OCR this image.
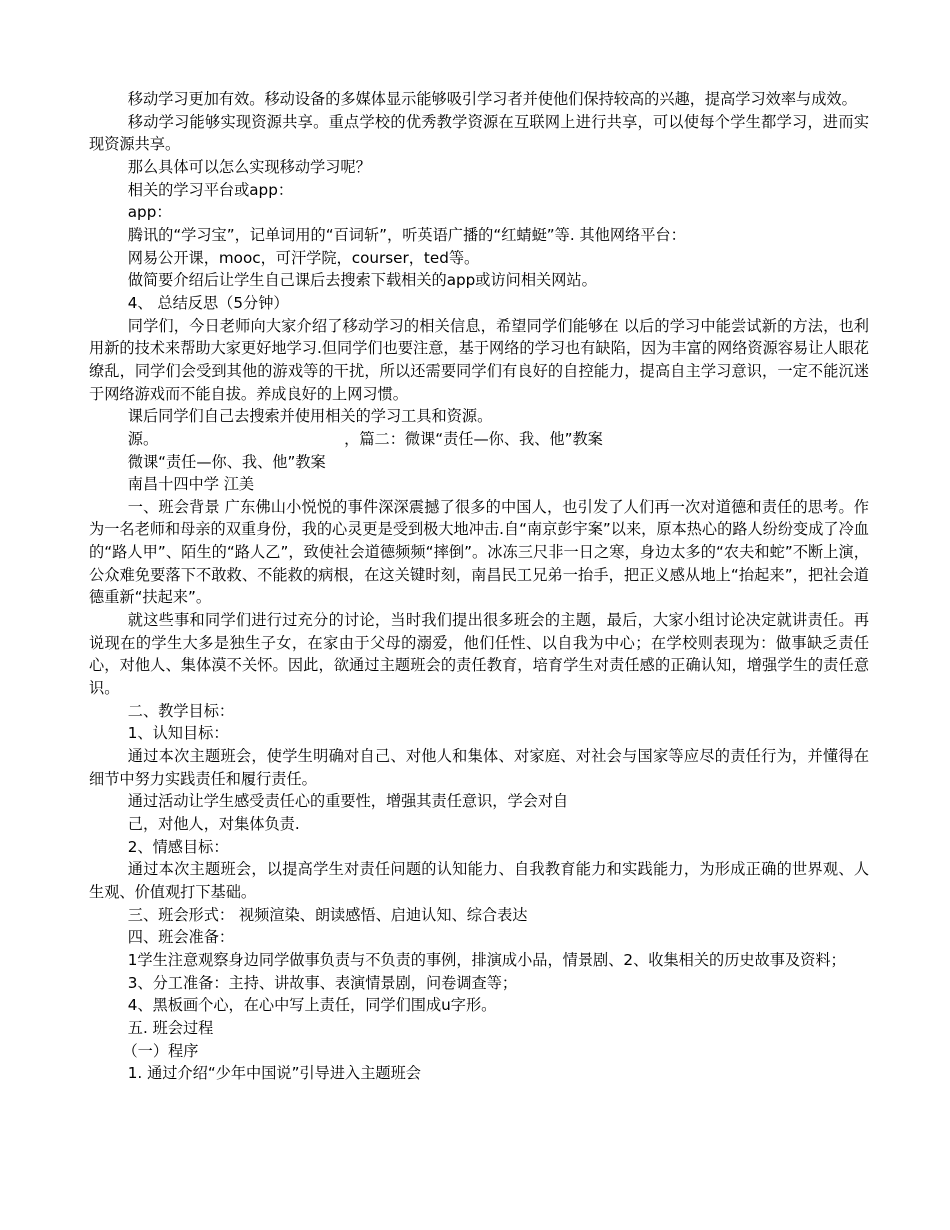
移动学习更加有效。移动设备的多媒体显示能够吸引学习者并使他们保持较高的兴趣，提高学习效率与成效。

移动学习能够实现资源共享。重点学校的优秀教学资源在互联网上进行共享，可以使每个学生都学习，进而实现资源共享。

那么具体可以怎么实现移动学习呢？

相关的学习平台或app：

app：

腾讯的“学习宝”，记单词用的“百词斩”，听英语广播的“红蜻蜓”等. 其他网络平台：

网易公开课，mooc，可汗学院，courser，ted等。

做简要介绍后让学生自己课后去搜索下载相关的app或访问相关网站。

4、 总结反思（5分钟）

同学们，今日老师向大家介绍了移动学习的相关信息，希望同学们能够在 以后的学习中能尝试新的方法，也利用新的技术来帮助大家更好地学习.但同学们也要注意，基于网络的学习也有缺陷，因为丰富的网络资源容易让人眼花缭乱，同学们会受到其他的游戏等的干扰，所以还需要同学们有良好的自控能力，提高自主学习意识，一定不能沉迷于网络游戏而不能自拔。养成良好的上网习惯。

课后同学们自己去搜索并使用相关的学习工具和资源。

源。	，篇二：微课“责任—你、我、他”教案

微课“责任—你、我、他”教案

南昌十四中学 江美

一、班会背景 广东佛山小悦悦的事件深深震撼了很多的中国人，也引发了人们再一次对道德和责任的思考。作为一名老师和母亲的双重身份，我的心灵更是受到极大地冲击.自“南京彭宇案”以来，原本热心的路人纷纷变成了冷血的“路人甲”、陌生的“路人乙”，致使社会道德频频“摔倒”。冰冻三尺非一日之寒，身边太多的“农夫和蛇”不断上演，公众难免要落下不敢救、不能救的病根，在这关键时刻，南昌民工兄弟一抬手，把正义感从地上“抬起来”，把社会道德重新“扶起来”。

就这些事和同学们进行过充分的讨论，当时我们提出很多班会的主题，最后，大家小组讨论决定就讲责任。再说现在的学生大多是独生子女，在家由于父母的溺爱，他们任性、以自我为中心；在学校则表现为：做事缺乏责任心，对他人、集体漠不关怀。因此，欲通过主题班会的责任教育，培育学生对责任感的正确认知，增强学生的责任意识。

二、教学目标：

1、认知目标：

通过本次主题班会，使学生明确对自己、对他人和集体、对家庭、对社会与国家等应尽的责任行为，并懂得在细节中努力实践责任和履行责任。

通过活动让学生感受责任心的重要性，增强其责任意识，学会对自

己，对他人，对集体负责.

2、情感目标：

通过本次主题班会，以提高学生对责任问题的认知能力、自我教育能力和实践能力，为形成正确的世界观、人生观、价值观打下基础。

三、班会形式： 视频渲染、朗读感悟、启迪认知、综合表达

四、班会准备：

1学生注意观察身边同学做事负责与不负责的事例，排演成小品，情景剧、2、收集相关的历史故事及资料；

3、分工准备：主持、讲故事、表演情景剧，问卷调查等；

4、黑板画个心，在心中写上责任，同学们围成u字形。

五. 班会过程

（一）程序

1. 通过介绍“少年中国说”引导进入主题班会
